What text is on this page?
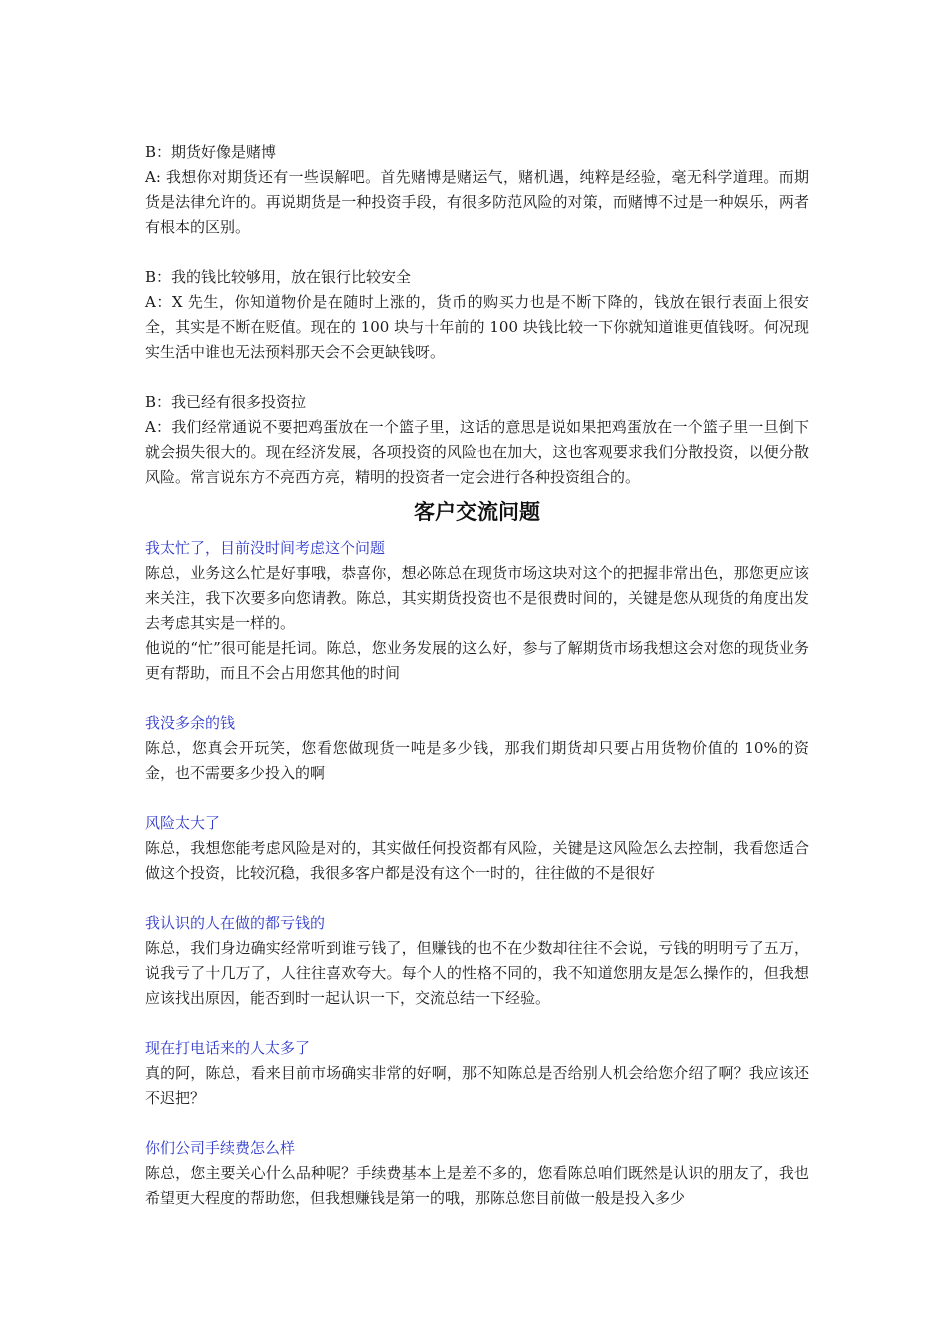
B：期货好像是赌博

A: 我想你对期货还有一些误解吧。首先赌博是赌运气，赌机遇，纯粹是经验，毫无科学道理。而期货是法律允许的。再说期货是一种投资手段，有很多防范风险的对策，而赌博不过是一种娱乐，两者有根本的区别。

B：我的钱比较够用，放在银行比较安全

A：X 先生，你知道物价是在随时上涨的，货币的购买力也是不断下降的，钱放在银行表面上很安全，其实是不断在贬值。现在的 100 块与十年前的 100 块钱比较一下你就知道谁更值钱呀。何况现实生活中谁也无法预料那天会不会更缺钱呀。

B：我已经有很多投资拉

A：我们经常通说不要把鸡蛋放在一个篮子里，这话的意思是说如果把鸡蛋放在一个篮子里一旦倒下就会损失很大的。现在经济发展，各项投资的风险也在加大，这也客观要求我们分散投资，以便分散风险。常言说东方不亮西方亮，精明的投资者一定会进行各种投资组合的。

客户交流问题

我太忙了，目前没时间考虑这个问题

陈总，业务这么忙是好事哦，恭喜你，想必陈总在现货市场这块对这个的把握非常出色，那您更应该来关注，我下次要多向您请教。陈总，其实期货投资也不是很费时间的，关键是您从现货的角度出发去考虑其实是一样的。

他说的“忙”很可能是托词。陈总，您业务发展的这么好，参与了解期货市场我想这会对您的现货业务更有帮助，而且不会占用您其他的时间

我没多余的钱

陈总，您真会开玩笑，您看您做现货一吨是多少钱，那我们期货却只要占用货物价值的 10%的资金，也不需要多少投入的啊

风险太大了

陈总，我想您能考虑风险是对的，其实做任何投资都有风险，关键是这风险怎么去控制，我看您适合做这个投资，比较沉稳，我很多客户都是没有这个一时的，往往做的不是很好

我认识的人在做的都亏钱的

陈总，我们身边确实经常听到谁亏钱了，但赚钱的也不在少数却往往不会说，亏钱的明明亏了五万，说我亏了十几万了，人往往喜欢夸大。每个人的性格不同的，我不知道您朋友是怎么操作的，但我想应该找出原因，能否到时一起认识一下，交流总结一下经验。

现在打电话来的人太多了

真的阿，陈总，看来目前市场确实非常的好啊，那不知陈总是否给别人机会给您介绍了啊？我应该还不迟把？

你们公司手续费怎么样

陈总，您主要关心什么品种呢？手续费基本上是差不多的，您看陈总咱们既然是认识的朋友了，我也希望更大程度的帮助您，但我想赚钱是第一的哦，那陈总您目前做一般是投入多少
